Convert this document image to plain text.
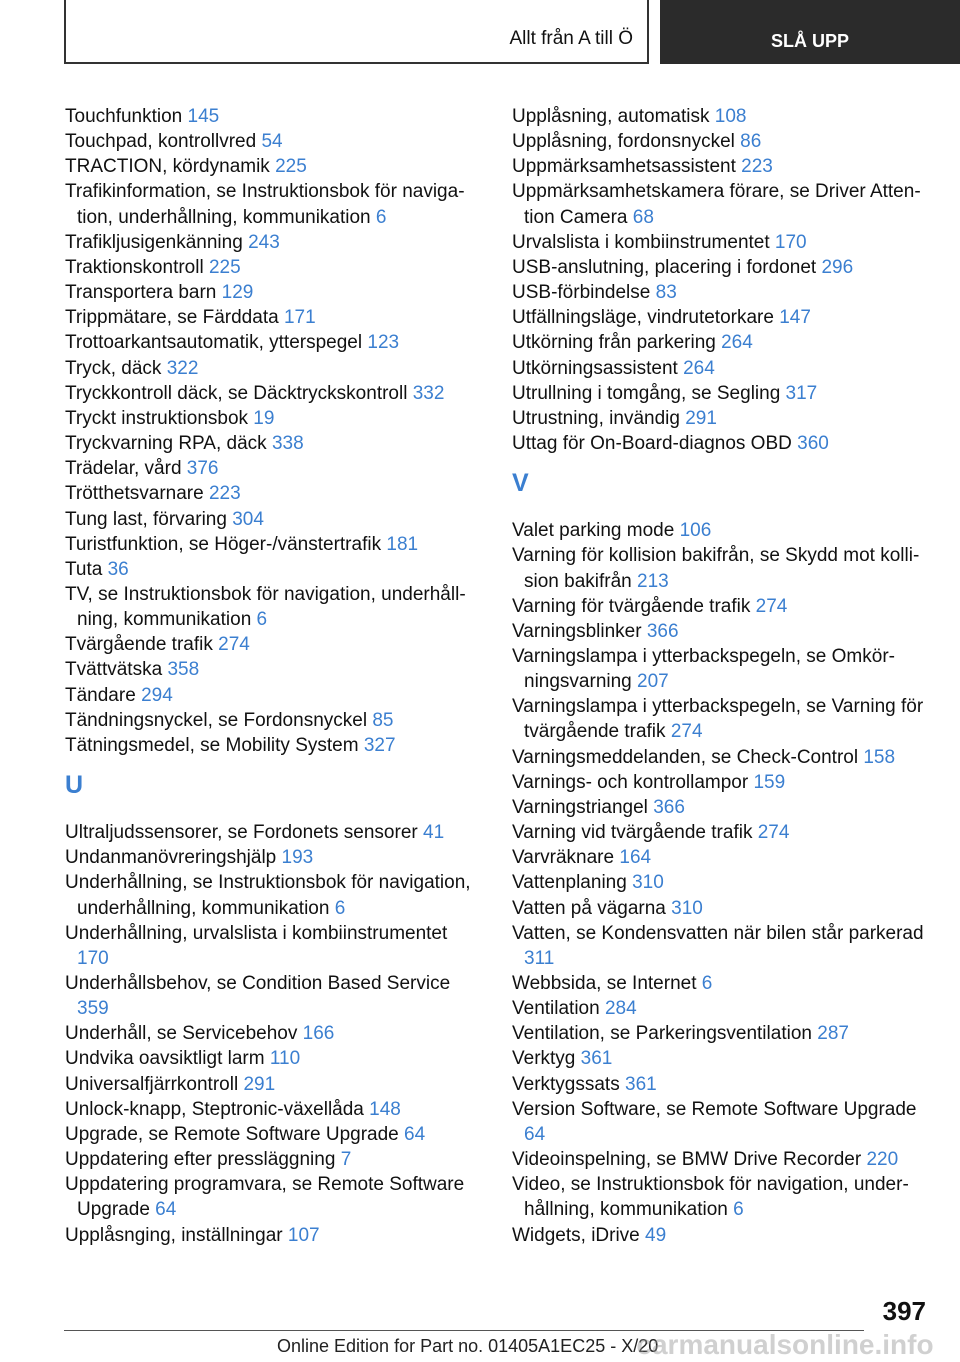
Allt från A till Ö	SLÅ UPP
Touchfunktion 145
Touchpad, kontrollvred 54
TRACTION, kördynamik 225
Trafikinformation, se Instruktionsbok för navigation, underhållning, kommunikation 6
Trafikljusigenkänning 243
Traktionskontroll 225
Transportera barn 129
Trippmätare, se Färddata 171
Trottoarkantsautomatik, ytterspegel 123
Tryck, däck 322
Tryckkontroll däck, se Däcktryckskontroll 332
Tryckt instruktionsbok 19
Tryckvarning RPA, däck 338
Trädelar, vård 376
Trötthetsvarnare 223
Tung last, förvaring 304
Turistfunktion, se Höger-/vänstertrafik 181
Tuta 36
TV, se Instruktionsbok för navigation, underhållning, kommunikation 6
Tvärgående trafik 274
Tvättvätska 358
Tändare 294
Tändningsnyckel, se Fordonsnyckel 85
Tätningsmedel, se Mobility System 327
U
Ultraljudssensorer, se Fordonets sensorer 41
Undanmanövreringshjälp 193
Underhållning, se Instruktionsbok för navigation, underhållning, kommunikation 6
Underhållning, urvalslista i kombiinstrumentet 170
Underhållsbehov, se Condition Based Service 359
Underhåll, se Servicebehov 166
Undvika oavsiktligt larm 110
Universalfjärrkontroll 291
Unlock-knapp, Steptronic-växellåda 148
Upgrade, se Remote Software Upgrade 64
Uppdatering efter pressläggning 7
Uppdatering programvara, se Remote Software Upgrade 64
Upplåsnging, inställningar 107
Upplåsning, automatisk 108
Upplåsning, fordonsnyckel 86
Uppmärksamhetsassistent 223
Uppmärksamhetskamera förare, se Driver Attention Camera 68
Urvalslista i kombiinstrumentet 170
USB-anslutning, placering i fordonet 296
USB-förbindelse 83
Utfällningsläge, vindrutetorkare 147
Utkörning från parkering 264
Utkörningsassistent 264
Utrullning i tomgång, se Segling 317
Utrustning, invändig 291
Uttag för On-Board-diagnos OBD 360
V
Valet parking mode 106
Varning för kollision bakifrån, se Skydd mot kollision bakifrån 213
Varning för tvärgående trafik 274
Varningsblinker 366
Varningslampa i ytterbackspegeln, se Omkörningsvarning 207
Varningslampa i ytterbackspegeln, se Varning för tvärgående trafik 274
Varningsmeddelanden, se Check-Control 158
Varnings- och kontrollampor 159
Varningstriangel 366
Varning vid tvärgående trafik 274
Varvräknare 164
Vattenplaning 310
Vatten på vägarna 310
Vatten, se Kondensvatten när bilen står parkerad 311
Webbsida, se Internet 6
Ventilation 284
Ventilation, se Parkeringsventilation 287
Verktyg 361
Verktygssats 361
Version Software, se Remote Software Upgrade 64
Videoinspelning, se BMW Drive Recorder 220
Video, se Instruktionsbok för navigation, underhållning, kommunikation 6
Widgets, iDrive 49
397
Online Edition for Part no. 01405A1EC25 - X/20
carmanualsonline.info
